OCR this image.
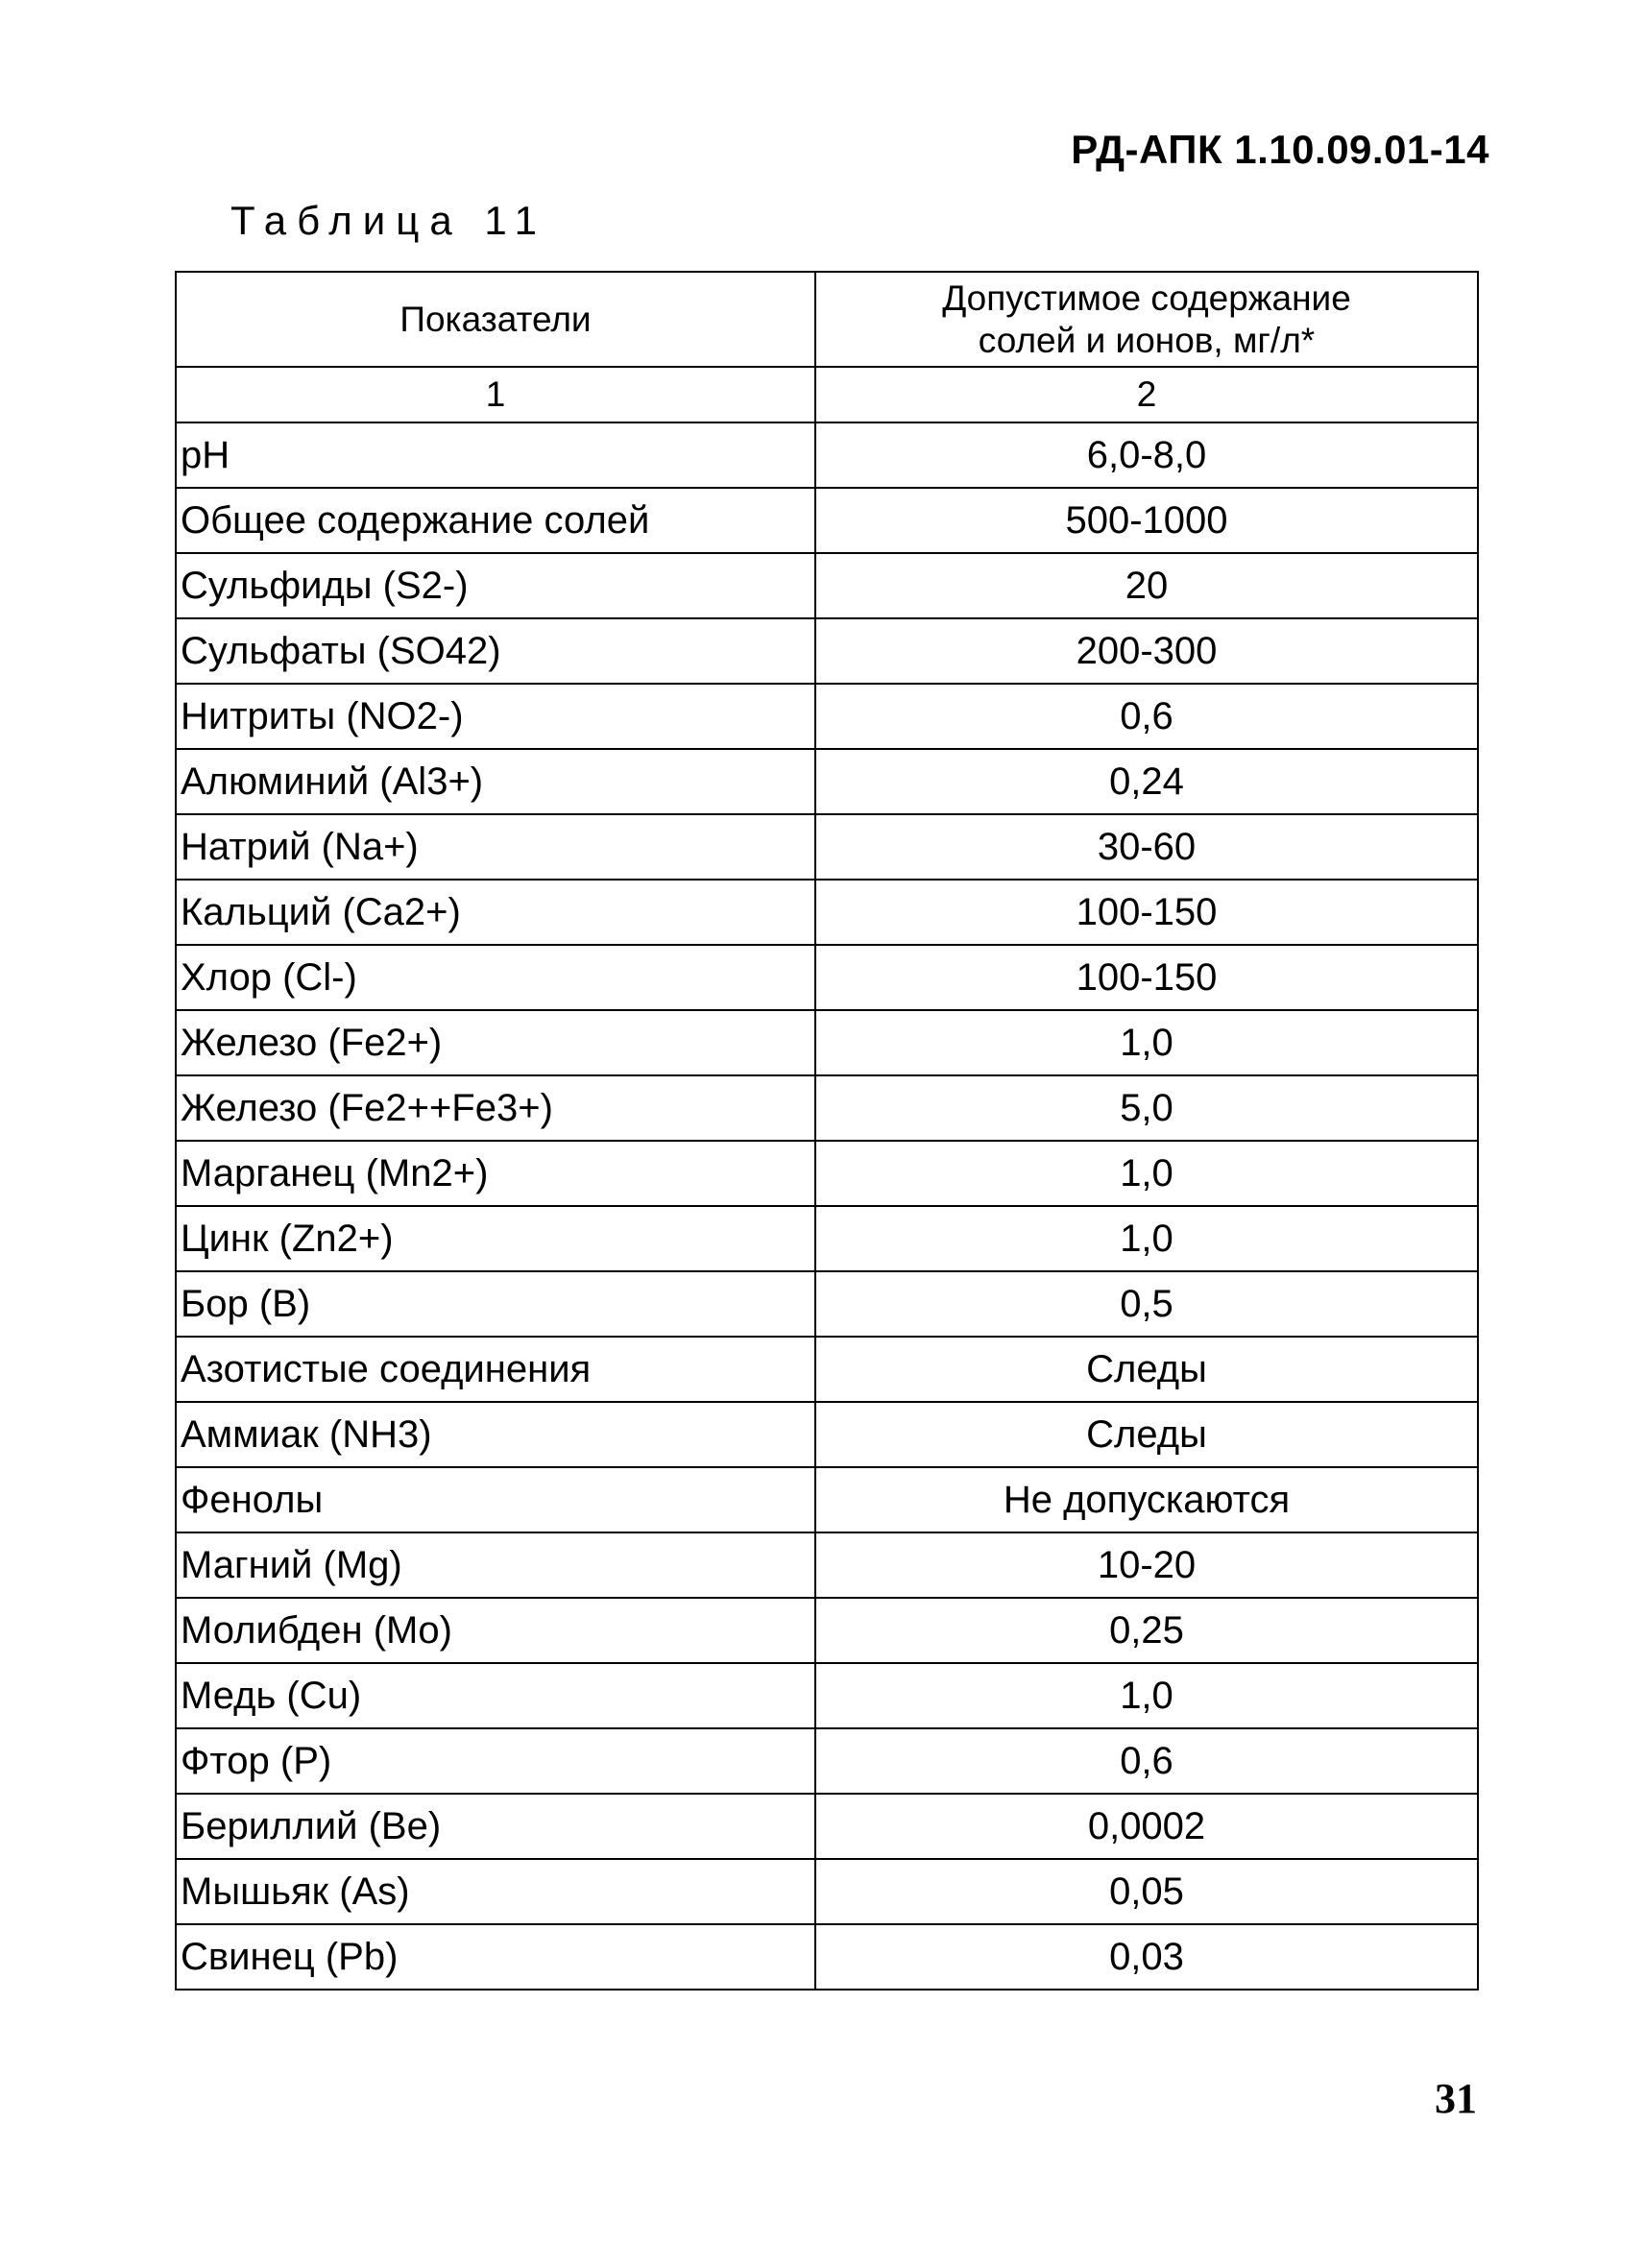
РД-АПК 1.10.09.01-14
Таблица 11
Показатели	Допустимое содержание солей и ионов, мг/л*
1	2
pH	6,0-8,0
Общее содержание солей	500-1000
Сульфиды (S2-)	20
Сульфаты (SO42)	200-300
Нитриты (NO2-)	0,6
Алюминий (Al3+)	0,24
Натрий (Na+)	30-60
Кальций (Ca2+)	100-150
Хлор (Cl-)	100-150
Железо (Fe2+)	1,0
Железо (Fe2++Fe3+)	5,0
Марганец (Mn2+)	1,0
Цинк (Zn2+)	1,0
Бор (B)	0,5
Азотистые соединения	Следы
Аммиак (NH3)	Следы
Фенолы	Не допускаются
Магний (Mg)	10-20
Молибден (Mo)	0,25
Медь (Cu)	1,0
Фтор (Р)	0,6
Бериллий (Be)	0,0002
Мышьяк (As)	0,05
Свинец (Pb)	0,03
31
